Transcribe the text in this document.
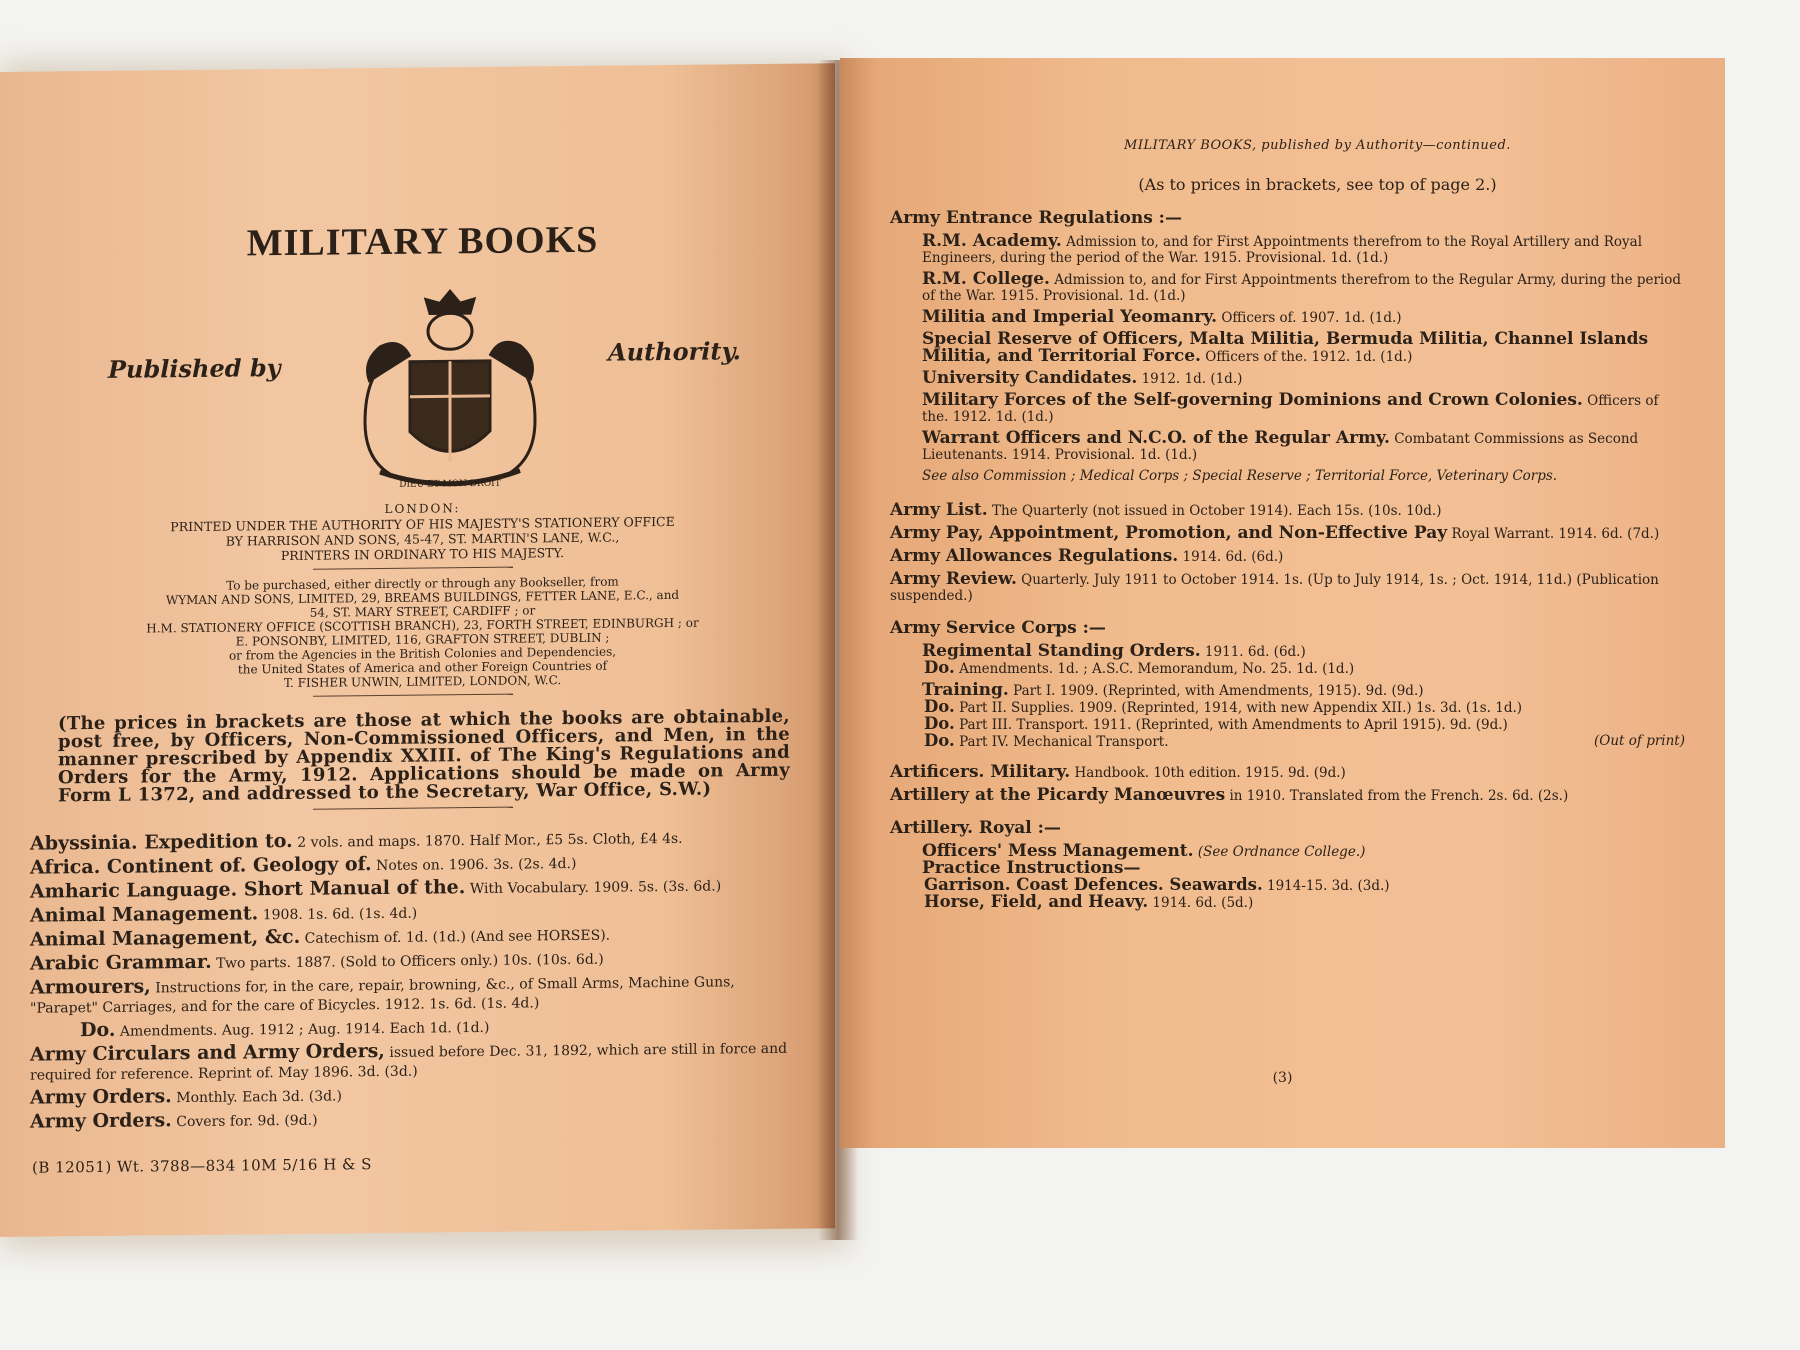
MILITARY BOOKS
Published by
DIEU ET MON DROIT
Authority.
LONDON:
PRINTED UNDER THE AUTHORITY OF HIS MAJESTY'S STATIONERY OFFICE
BY HARRISON AND SONS, 45-47, ST. MARTIN'S LANE, W.C.,
PRINTERS IN ORDINARY TO HIS MAJESTY.
To be purchased, either directly or through any Bookseller, from
WYMAN AND SONS, LIMITED, 29, BREAMS BUILDINGS, FETTER LANE, E.C., and
54, ST. MARY STREET, CARDIFF ; or
H.M. STATIONERY OFFICE (SCOTTISH BRANCH), 23, FORTH STREET, EDINBURGH ; or
E. PONSONBY, LIMITED, 116, GRAFTON STREET, DUBLIN ;
or from the Agencies in the British Colonies and Dependencies,
the United States of America and other Foreign Countries of
T. FISHER UNWIN, LIMITED, LONDON, W.C.
(The prices in brackets are those at which the books are obtainable, post free, by Officers, Non-Commissioned Officers, and Men, in the manner prescribed by Appendix XXIII. of The King's Regulations and Orders for the Army, 1912. Applications should be made on Army Form L 1372, and addressed to the Secretary, War Office, S.W.)
Abyssinia. Expedition to. 2 vols. and maps. 1870. Half Mor., £5 5s. Cloth, £4 4s.
Africa. Continent of. Geology of. Notes on. 1906. 3s. (2s. 4d.)
Amharic Language. Short Manual of the. With Vocabulary. 1909. 5s. (3s. 6d.)
Animal Management. 1908. 1s. 6d. (1s. 4d.)
Animal Management, &c. Catechism of. 1d. (1d.) (And see HORSES).
Arabic Grammar. Two parts. 1887. (Sold to Officers only.) 10s. (10s. 6d.)
Armourers, Instructions for, in the care, repair, browning, &c., of Small Arms, Machine Guns, "Parapet" Carriages, and for the care of Bicycles. 1912. 1s. 6d. (1s. 4d.)
Do. Amendments. Aug. 1912 ; Aug. 1914. Each 1d. (1d.)
Army Circulars and Army Orders, issued before Dec. 31, 1892, which are still in force and required for reference. Reprint of. May 1896. 3d. (3d.)
Army Orders. Monthly. Each 3d. (3d.)
Army Orders. Covers for. 9d. (9d.)
(B 12051) Wt. 3788—834 10M 5/16 H & S
MILITARY BOOKS, published by Authority—continued.
(As to prices in brackets, see top of page 2.)
Army Entrance Regulations :—
R.M. Academy. Admission to, and for First Appointments therefrom to the Royal Artillery and Royal Engineers, during the period of the War. 1915. Provisional. 1d. (1d.)
R.M. College. Admission to, and for First Appointments therefrom to the Regular Army, during the period of the War. 1915. Provisional. 1d. (1d.)
Militia and Imperial Yeomanry. Officers of. 1907. 1d. (1d.)
Special Reserve of Officers, Malta Militia, Bermuda Militia, Channel Islands Militia, and Territorial Force. Officers of the. 1912. 1d. (1d.)
University Candidates. 1912. 1d. (1d.)
Military Forces of the Self-governing Dominions and Crown Colonies. Officers of the. 1912. 1d. (1d.)
Warrant Officers and N.C.O. of the Regular Army. Combatant Commissions as Second Lieutenants. 1914. Provisional. 1d. (1d.)
See also Commission ; Medical Corps ; Special Reserve ; Territorial Force, Veterinary Corps.
Army List. The Quarterly (not issued in October 1914). Each 15s. (10s. 10d.)
Army Pay, Appointment, Promotion, and Non-Effective Pay Royal Warrant. 1914. 6d. (7d.)
Army Allowances Regulations. 1914. 6d. (6d.)
Army Review. Quarterly. July 1911 to October 1914. 1s. (Up to July 1914, 1s. ; Oct. 1914, 11d.) (Publication suspended.)
Army Service Corps :—
Regimental Standing Orders. 1911. 6d. (6d.)
Do. Amendments. 1d. ; A.S.C. Memorandum, No. 25. 1d. (1d.)
Training. Part I. 1909. (Reprinted, with Amendments, 1915). 9d. (9d.)
Do. Part II. Supplies. 1909. (Reprinted, 1914, with new Appendix XII.) 1s. 3d. (1s. 1d.)
Do. Part III. Transport. 1911. (Reprinted, with Amendments to April 1915). 9d. (9d.)
Do. Part IV. Mechanical Transport.	(Out of print)
Artificers. Military. Handbook. 10th edition. 1915. 9d. (9d.)
Artillery at the Picardy Manœuvres in 1910. Translated from the French. 2s. 6d. (2s.)
Artillery. Royal :—
Officers' Mess Management. (See Ordnance College.)
Practice Instructions—
Garrison. Coast Defences. Seawards. 1914-15. 3d. (3d.)
Horse, Field, and Heavy. 1914. 6d. (5d.)
(3)
